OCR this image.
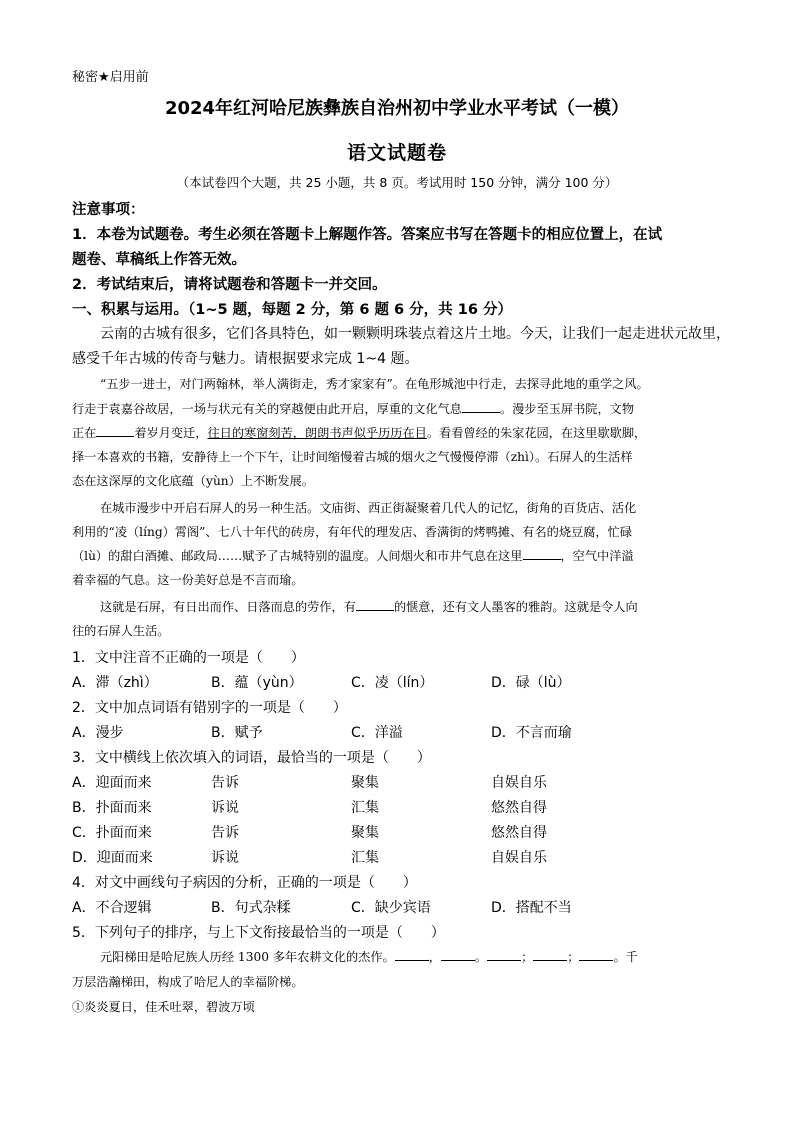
秘密★启用前
2024年红河哈尼族彝族自治州初中学业水平考试（一模）
语文试题卷
（本试卷四个大题，共 25 小题，共 8 页。考试用时 150 分钟，满分 100 分）
注意事项：
1．本卷为试题卷。考生必须在答题卡上解题作答。答案应书写在答题卡的相应位置上，在试
题卷、草稿纸上作答无效。
2．考试结束后，请将试题卷和答题卡一并交回。
一、积累与运用。（1~5 题，每题 2 分，第 6 题 6 分，共 16 分）
云南的古城有很多，它们各具特色，如一颗颗明珠装点着这片土地。今天，让我们一起走进状元故里，
感受千年古城的传奇与魅力。请根据要求完成 1~4 题。
“五步一进士，对门两翰林，举人满街走，秀才家家有”。在龟形城池中行走，去探寻此地的重学之风。
行走于袁嘉谷故居，一场与状元有关的穿越便由此开启，厚重的文化气息	。漫步至玉屏书院，文物
正在	着岁月变迁，往日的寒窗刻苦，朗朗书声似乎历历在目。看看曾经的朱家花园，在这里歇歇脚，
择一本喜欢的书籍，安静待上一个下午，让时间缩慢着古城的烟火之气慢慢停滞（zhì）。石屏人的生活样
态在这深厚的文化底蕴（yùn）上不断发展。
在城市漫步中开启石屏人的另一种生活。文庙街、西正街凝聚着几代人的记忆，街角的百货店、活化
利用的“凌（líng）霄阁”、七八十年代的砖房，有年代的理发店、香满街的烤鸭摊、有名的烧豆腐，忙碌
（lù）的甜白酒摊、邮政局……赋予了古城特别的温度。人间烟火和市井气息在这里	，空气中洋溢
着幸福的气息。这一份美好总是不言而瑜。
这就是石屏，有日出而作、日落而息的劳作，有	的惬意，还有文人墨客的雅韵。这就是令人向
往的石屏人生活。
1．文中注音不正确的一项是（　　）
A．滞（zhì）	B．蕴（yùn）	C．凌（lín）	D．碌（lù）
2．文中加点词语有错别字的一项是（　　）
A．漫步	B．赋予	C．洋溢	D．不言而瑜
3．文中横线上依次填入的词语，最恰当的一项是（　　）
A．迎面而来	告诉	聚集	自娱自乐
B．扑面而来	诉说	汇集	悠然自得
C．扑面而来	告诉	聚集	悠然自得
D．迎面而来	诉说	汇集	自娱自乐
4．对文中画线句子病因的分析，正确的一项是（　　）
A．不合逻辑	B．句式杂糅	C．缺少宾语	D．搭配不当
5．下列句子的排序，与上下文衔接最恰当的一项是（　　）
元阳梯田是哈尼族人历经 1300 多年农耕文化的杰作。	，	。	；	；	。千
万层浩瀚梯田，构成了哈尼人的幸福阶梯。
①炎炎夏日，佳禾吐翠，碧波万顷
